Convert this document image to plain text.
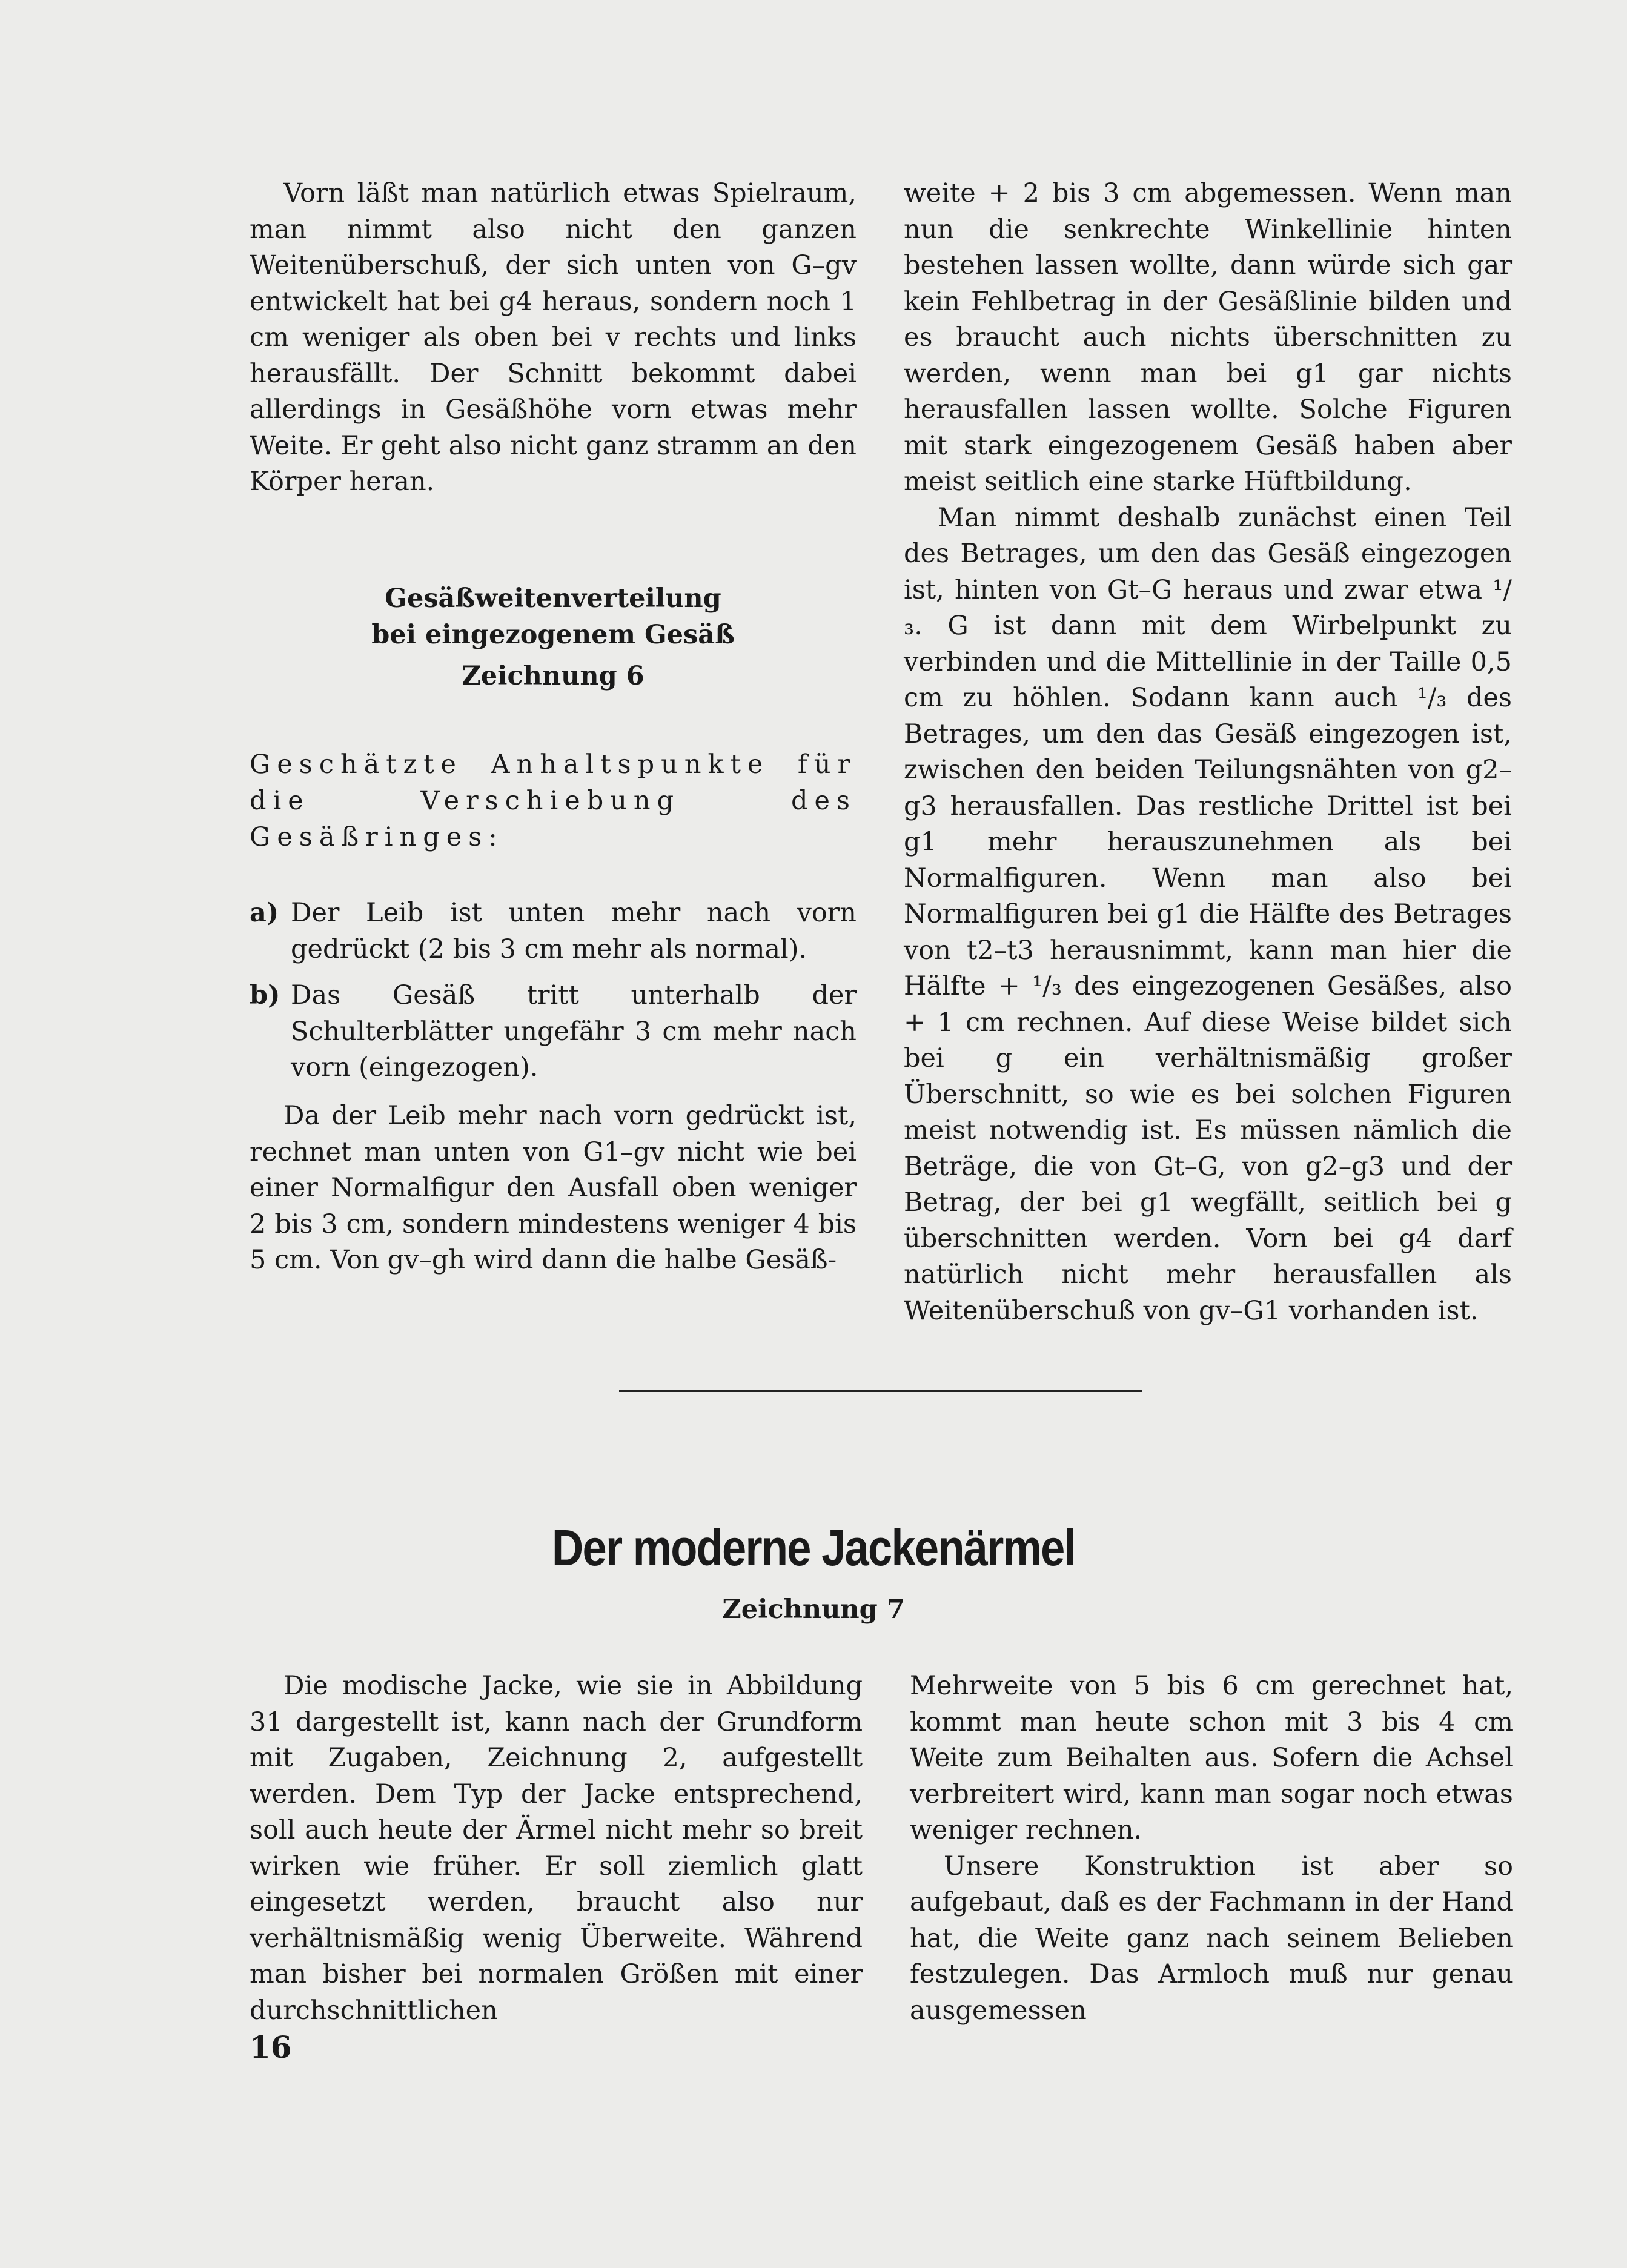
Vorn läßt man natürlich etwas Spielraum, man nimmt also nicht den ganzen Weitenüberschuß, der sich unten von G–gv entwickelt hat bei g4 heraus, sondern noch 1 cm weniger als oben bei v rechts und links herausfällt. Der Schnitt bekommt dabei allerdings in Gesäßhöhe vorn etwas mehr Weite. Er geht also nicht ganz stramm an den Körper heran.

Gesäßweitenverteilung
bei eingezogenem Gesäß
Zeichnung 6
Geschätzte Anhaltspunkte für die Verschiebung des Gesäßringes:
a) Der Leib ist unten mehr nach vorn gedrückt (2 bis 3 cm mehr als normal).
b) Das Gesäß tritt unterhalb der Schulterblätter ungefähr 3 cm mehr nach vorn (eingezogen).

Da der Leib mehr nach vorn gedrückt ist, rechnet man unten von G1–gv nicht wie bei einer Normalfigur den Ausfall oben weniger 2 bis 3 cm, sondern mindestens weniger 4 bis 5 cm. Von gv–gh wird dann die halbe Gesäß-

weite + 2 bis 3 cm abgemessen. Wenn man nun die senkrechte Winkellinie hinten bestehen lassen wollte, dann würde sich gar kein Fehlbetrag in der Gesäßlinie bilden und es braucht auch nichts überschnitten zu werden, wenn man bei g1 gar nichts herausfallen lassen wollte. Solche Figuren mit stark eingezogenem Gesäß haben aber meist seitlich eine starke Hüftbildung.

Man nimmt deshalb zunächst einen Teil des Betrages, um den das Gesäß eingezogen ist, hinten von Gt–G heraus und zwar etwa ¹/₃. G ist dann mit dem Wirbelpunkt zu verbinden und die Mittellinie in der Taille 0,5 cm zu höhlen. Sodann kann auch ¹/₃ des Betrages, um den das Gesäß eingezogen ist, zwischen den beiden Teilungsnähten von g2–g3 herausfallen. Das restliche Drittel ist bei g1 mehr herauszunehmen als bei Normalfiguren. Wenn man also bei Normalfiguren bei g1 die Hälfte des Betrages von t2–t3 herausnimmt, kann man hier die Hälfte + ¹/₃ des eingezogenen Gesäßes, also + 1 cm rechnen. Auf diese Weise bildet sich bei g ein verhältnismäßig großer Überschnitt, so wie es bei solchen Figuren meist notwendig ist. Es müssen nämlich die Beträge, die von Gt–G, von g2–g3 und der Betrag, der bei g1 wegfällt, seitlich bei g überschnitten werden. Vorn bei g4 darf natürlich nicht mehr herausfallen als Weitenüberschuß von gv–G1 vorhanden ist.

Der moderne Jackenärmel
Zeichnung 7

Die modische Jacke, wie sie in Abbildung 31 dargestellt ist, kann nach der Grundform mit Zugaben, Zeichnung 2, aufgestellt werden. Dem Typ der Jacke entsprechend, soll auch heute der Ärmel nicht mehr so breit wirken wie früher. Er soll ziemlich glatt eingesetzt werden, braucht also nur verhältnismäßig wenig Überweite. Während man bisher bei normalen Größen mit einer durchschnittlichen

Mehrweite von 5 bis 6 cm gerechnet hat, kommt man heute schon mit 3 bis 4 cm Weite zum Beihalten aus. Sofern die Achsel verbreitert wird, kann man sogar noch etwas weniger rechnen.

Unsere Konstruktion ist aber so aufgebaut, daß es der Fachmann in der Hand hat, die Weite ganz nach seinem Belieben festzulegen. Das Armloch muß nur genau ausgemessen

16
